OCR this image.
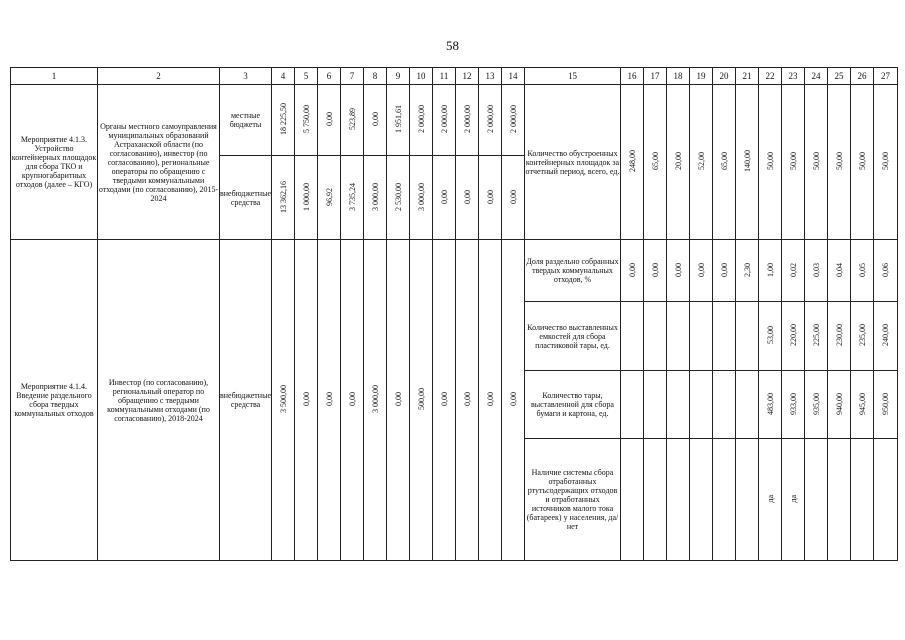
58
1	2	3	4	5	6	7	8	9	10	11	12	13	14	15	16	17	18	19	20	21	22	23	24	25	26	27
Мероприятие 4.1.3. Устройство контейнерных площадок для сбора ТКО и крупногабаритных отходов (далее – КГО)	Органы местного самоуправления муниципальных образований Астраханской области (по согласованию), инвестор (по согласованию), региональные операторы по обращению с твердыми коммунальными отходами (по согласованию), 2015-2024	местные бюджеты	18 225,50	5 750,00	0,00	523,89	0,00	1 951,61	2 000,00	2 000,00	2 000,00	2 000,00	2 000,00	Количество обустроенных контейнерных площадок за отчетный период, всего, ед.	248,00	65,00	20,00	52,00	65,00	140,00	50,00	50,00	50,00	50,00	50,00	50,00
		внебюджетные средства	13 362,16	1 000,00	96,92	3 735,24	3 000,00	2 530,00	3 000,00	0,00	0,00	0,00	0,00													
Мероприятие 4.1.4. Введение раздельного сбора твердых коммунальных отходов	Инвестор (по согласованию), региональный оператор по обращению с твердыми коммунальными отходами (по согласованию), 2018-2024	внебюджетные средства	3 500,00	0,00	0,00	0,00	3 000,00	0,00	500,00	0,00	0,00	0,00	0,00	Доля раздельно собранных твердых коммунальных отходов, %	0,00	0,00	0,00	0,00	0,00	2,30	1,00	0,02	0,03	0,04	0,05	0,06
														Количество выставленных емкостей для сбора пластиковой тары, ед.							53,00	220,00	225,00	230,00	235,00	240,00
														Количество тары, выставленной для сбора бумаги и картона, ед.							483,00	933,00	935,00	940,00	945,00	950,00
														Наличие системы сбора отработанных ртутьсодержащих отходов и отработанных источников малого тока (батареек) у населения, да/нет							да	да				
